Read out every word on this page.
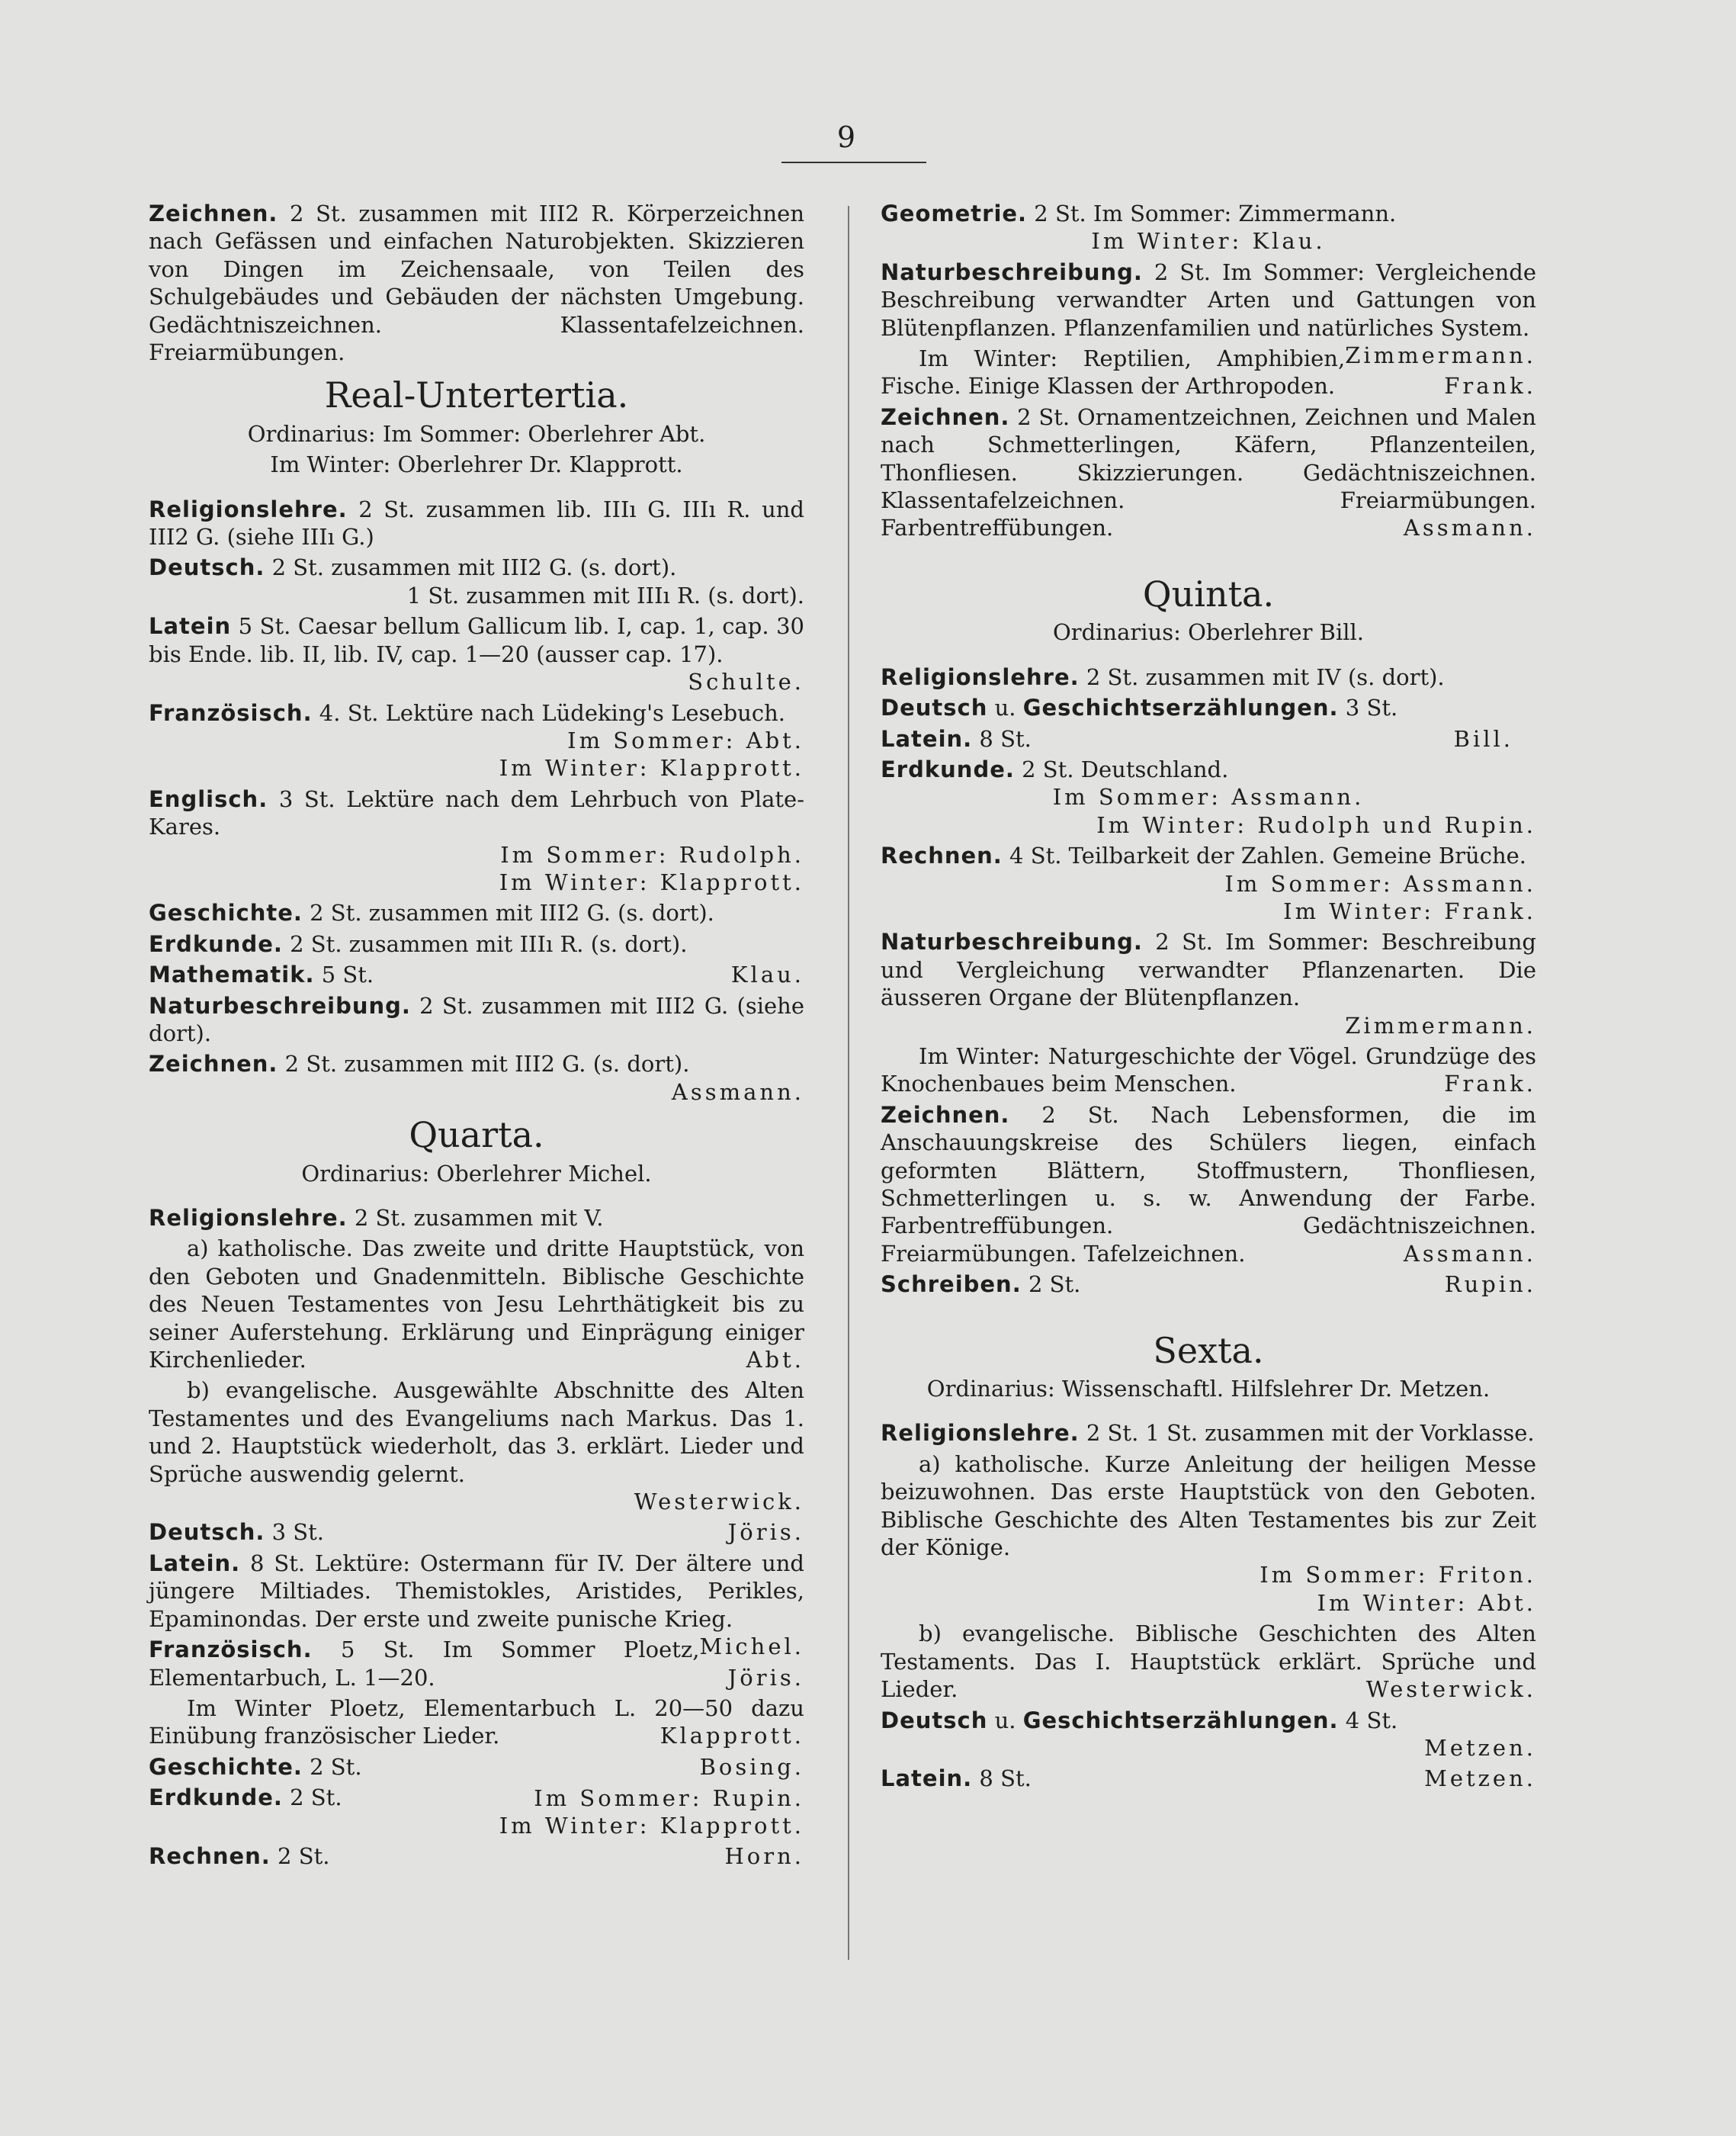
9

Zeichnen. 2 St. zusammen mit III2 R. Körperzeichnen nach Gefässen und einfachen Naturobjekten. Skizzieren von Dingen im Zeichensaale, von Teilen des Schulgebäudes und Gebäuden der nächsten Umgebung. Gedächtniszeichnen. Klassentafelzeichnen. Freiarmübungen.

Real-Untertertia.

Ordinarius: Im Sommer: Oberlehrer Abt.

Im Winter: Oberlehrer Dr. Klapprott.

Religionslehre. 2 St. zusammen lib. IIIı G. IIIı R. und III2 G. (siehe IIIı G.)

Deutsch. 2 St. zusammen mit III2 G. (s. dort).
1 St. zusammen mit IIIı R. (s. dort).

Latein 5 St. Caesar bellum Gallicum lib. I, cap. 1, cap. 30 bis Ende. lib. II, lib. IV, cap. 1—20 (ausser cap. 17).
Schulte.

Französisch. 4. St. Lektüre nach Lüdeking's Lesebuch.
Im Sommer: Abt.
Im Winter: Klapprott.

Englisch. 3 St. Lektüre nach dem Lehrbuch von Plate-Kares.
Im Sommer: Rudolph.
Im Winter: Klapprott.

Geschichte. 2 St. zusammen mit III2 G. (s. dort).

Erdkunde. 2 St. zusammen mit IIIı R. (s. dort).

Mathematik. 5 St.	Klau.

Naturbeschreibung. 2 St. zusammen mit III2 G. (siehe dort).

Zeichnen. 2 St. zusammen mit III2 G. (s. dort).
Assmann.

Quarta.

Ordinarius: Oberlehrer Michel.

Religionslehre. 2 St. zusammen mit V.

a) katholische. Das zweite und dritte Hauptstück, von den Geboten und Gnadenmitteln. Biblische Geschichte des Neuen Testamentes von Jesu Lehrthätigkeit bis zu seiner Auferstehung. Erklärung und Einprägung einiger Kirchenlieder.	Abt.

b) evangelische. Ausgewählte Abschnitte des Alten Testamentes und des Evangeliums nach Markus. Das 1. und 2. Hauptstück wiederholt, das 3. erklärt. Lieder und Sprüche auswendig gelernt.
Westerwick.

Deutsch. 3 St.	Jöris.

Latein. 8 St. Lektüre: Ostermann für IV. Der ältere und jüngere Miltiades. Themistokles, Aristides, Perikles, Epaminondas. Der erste und zweite punische Krieg.
Michel.

Französisch. 5 St. Im Sommer Ploetz, Elementarbuch, L. 1—20.	Jöris.

Im Winter Ploetz, Elementarbuch L. 20—50 dazu Einübung französischer Lieder.	Klapprott.

Geschichte. 2 St.	Bosing.

Erdkunde. 2 St.	Im Sommer: Rupin.
Im Winter: Klapprott.

Rechnen. 2 St.	Horn.

Geometrie. 2 St. Im Sommer: Zimmermann.
Im Winter: Klau.

Naturbeschreibung. 2 St. Im Sommer: Vergleichende Beschreibung verwandter Arten und Gattungen von Blütenpflanzen. Pflanzenfamilien und natürliches System.
Zimmermann.

Im Winter: Reptilien, Amphibien, Fische. Einige Klassen der Arthropoden.	Frank.

Zeichnen. 2 St. Ornamentzeichnen, Zeichnen und Malen nach Schmetterlingen, Käfern, Pflanzenteilen, Thonfliesen. Skizzierungen. Gedächtniszeichnen. Klassentafelzeichnen. Freiarmübungen. Farbentreffübungen.	Assmann.

Quinta.

Ordinarius: Oberlehrer Bill.

Religionslehre. 2 St. zusammen mit IV (s. dort).

Deutsch u. Geschichtserzählungen. 3 St.

Latein. 8 St.	Bill.

Erdkunde. 2 St. Deutschland.
Im Sommer: Assmann.
Im Winter: Rudolph und Rupin.

Rechnen. 4 St. Teilbarkeit der Zahlen. Gemeine Brüche.
Im Sommer: Assmann.
Im Winter: Frank.

Naturbeschreibung. 2 St. Im Sommer: Beschreibung und Vergleichung verwandter Pflanzenarten. Die äusseren Organe der Blütenpflanzen.
Zimmermann.

Im Winter: Naturgeschichte der Vögel. Grundzüge des Knochenbaues beim Menschen.	Frank.

Zeichnen. 2 St. Nach Lebensformen, die im Anschauungskreise des Schülers liegen, einfach geformten Blättern, Stoffmustern, Thonfliesen, Schmetterlingen u. s. w. Anwendung der Farbe. Farbentreffübungen. Gedächtniszeichnen. Freiarmübungen. Tafelzeichnen.	Assmann.

Schreiben. 2 St.	Rupin.

Sexta.

Ordinarius: Wissenschaftl. Hilfslehrer Dr. Metzen.

Religionslehre. 2 St. 1 St. zusammen mit der Vorklasse.

a) katholische. Kurze Anleitung der heiligen Messe beizuwohnen. Das erste Hauptstück von den Geboten. Biblische Geschichte des Alten Testamentes bis zur Zeit der Könige.
Im Sommer: Friton.
Im Winter: Abt.

b) evangelische. Biblische Geschichten des Alten Testaments. Das I. Hauptstück erklärt. Sprüche und Lieder.	Westerwick.

Deutsch u. Geschichtserzählungen. 4 St.
Metzen.

Latein. 8 St.	Metzen.
